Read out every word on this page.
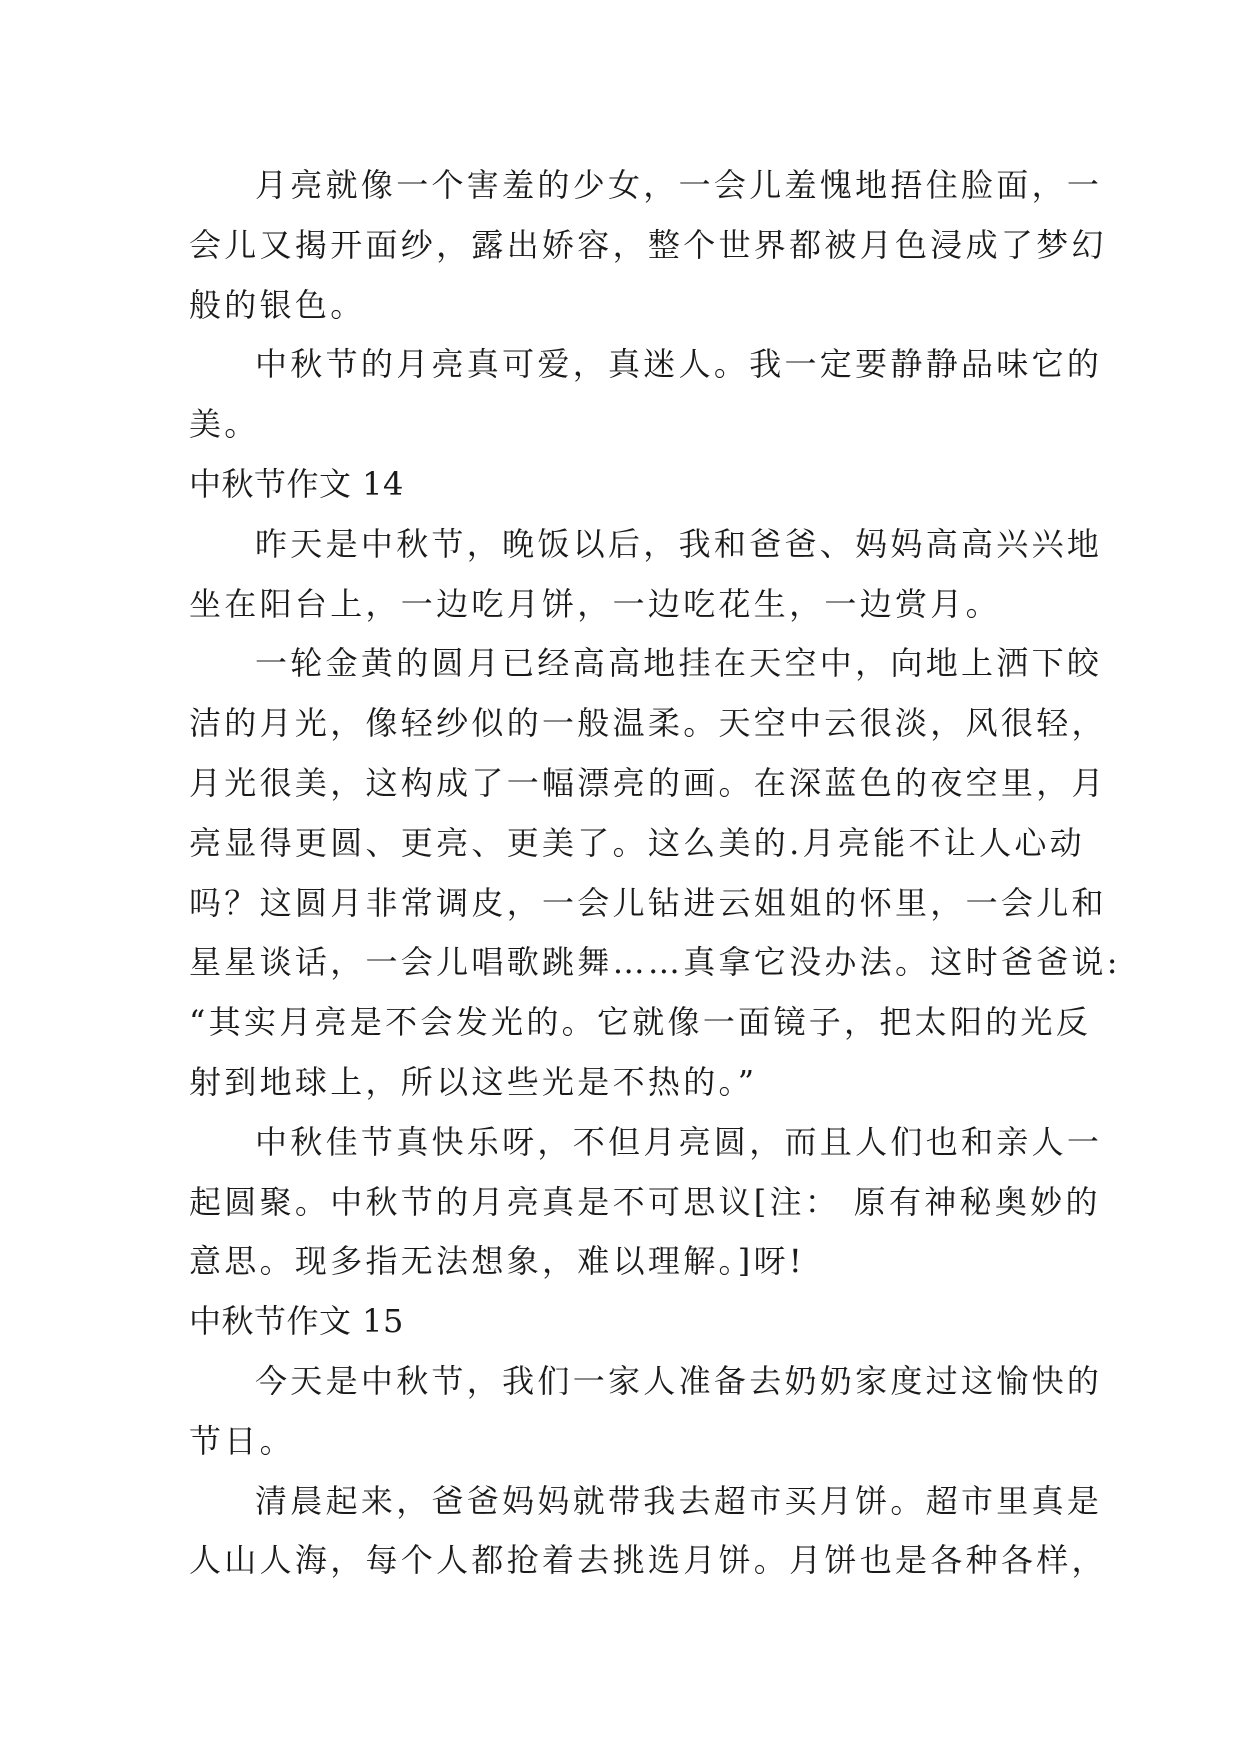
月亮就像一个害羞的少女，一会儿羞愧地捂住脸面，一
会儿又揭开面纱，露出娇容，整个世界都被月色浸成了梦幻
般的银色。
中秋节的月亮真可爱，真迷人。我一定要静静品味它的
美。
中秋节作文 14
昨天是中秋节，晚饭以后，我和爸爸、妈妈高高兴兴地
坐在阳台上，一边吃月饼，一边吃花生，一边赏月。
一轮金黄的圆月已经高高地挂在天空中，向地上洒下皎
洁的月光，像轻纱似的一般温柔。天空中云很淡，风很轻，
月光很美，这构成了一幅漂亮的画。在深蓝色的夜空里，月
亮显得更圆、更亮、更美了。这么美的.月亮能不让人心动
吗？这圆月非常调皮，一会儿钻进云姐姐的怀里，一会儿和
星星谈话，一会儿唱歌跳舞……真拿它没办法。这时爸爸说:
“其实月亮是不会发光的。它就像一面镜子，把太阳的光反
射到地球上，所以这些光是不热的。”
中秋佳节真快乐呀，不但月亮圆，而且人们也和亲人一
起圆聚。中秋节的月亮真是不可思议[注： 原有神秘奥妙的
意思。现多指无法想象，难以理解。]呀!
中秋节作文 15
今天是中秋节，我们一家人准备去奶奶家度过这愉快的
节日。
清晨起来，爸爸妈妈就带我去超市买月饼。超市里真是
人山人海，每个人都抢着去挑选月饼。月饼也是各种各样，
